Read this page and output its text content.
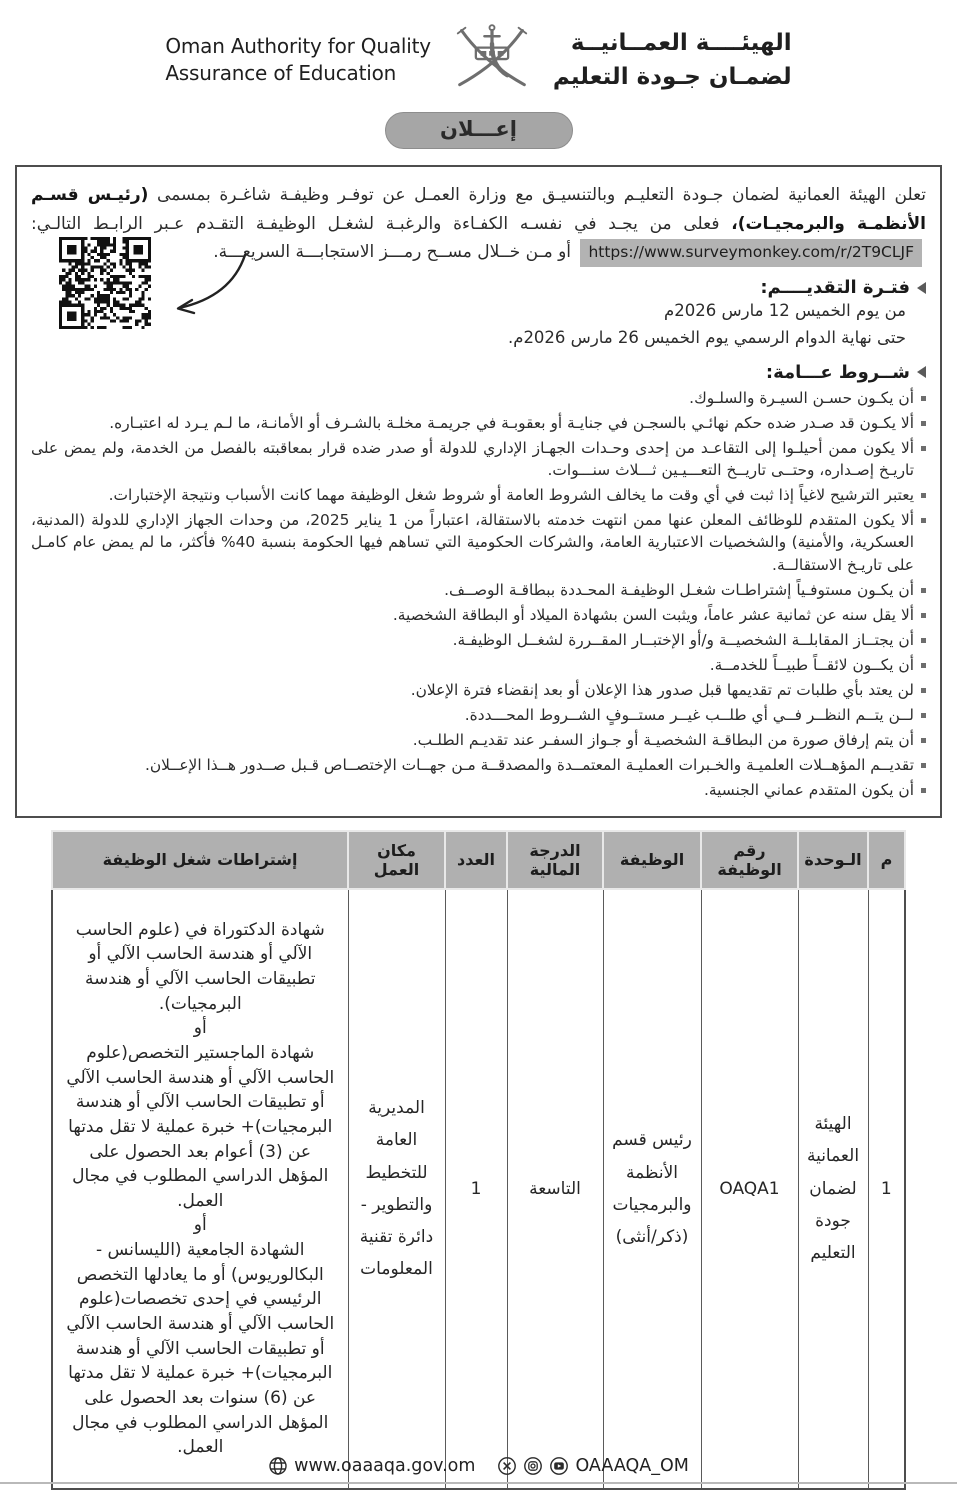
Oman Authority for Quality
Assurance of Education
الهيئــــة العمــانيــة
لضمـان جـودة التعليم
إعـــلان

تعلن الهيئة العمانية لضمان جـودة التعليـم وبالتنسيـق مع وزارة العمـل عن توفـر وظيفـة شاغـرة بمسمى (رئيـس قسـم الأنظمـة والبرمجيـات)، فعلى من يجـد في نفسـه الكفـاءة والرغبـة لشغـل الوظيفـة التقـدم عـبر الرابـط التالـي: https://www.surveymonkey.com/r/2T9CLJF أو مـن خــلال مســح رمـــز الاستجابـــة السريعـــة.

فتـرة التقديــــم:
من يوم الخميس 12 مارس 2026م
حتى نهاية الدوام الرسمي يوم الخميس 26 مارس 2026م.
شــروط عـــامة:
أن يكـون حسـن السيـرة والسلـوك.
ألا يكـون قد صـدر ضده حكم نهائـي بالسجـن في جنايـة أو بعقوبـة في جريمـة مخلـة بالشـرف أو الأمانـة، ما لـم يـرد له اعتبـاره.
ألا يكون ممن أحيلـوا إلى التقاعـد من إحدى وحـدات الجهـاز الإداري للدولة أو صدر ضده قرار بمعاقبته بالفصل من الخدمة، ولم يمض على تاريـخ إصـداره، وحتــى تاريــخ التعـــيـين ثـــلاث سنـــوات.
يعتبر الترشيح لاغياً إذا ثبت في أي وقت ما يخالف الشروط العامة أو شروط شغل الوظيفة مهما كانت الأسباب ونتيجة الإختبارات.
ألا يكون المتقدم للوظائف المعلن عنها ممن انتهت خدمته بالاستقالة، اعتباراً من 1 يناير 2025، من وحدات الجهاز الإداري للدولة (المدنية، العسكرية، والأمنية) والشخصيات الاعتبارية العامة، والشركات الحكومية التي تساهم فيها الحكومة بنسبة 40% فأكثر، ما لم يمض عام كامـل على تاريـخ الاستقالــة.
أن يكـون مستوفـياً إشتراطـات شغـل الوظيفـة المحـددة ببطاقـة الوصــف.
ألا يقل سنه عن ثمانية عشر عاماً، ويثبت السن بشهادة الميلاد أو البطاقة الشخصية.
أن يجتــاز المقابلــة الشخصيــة و/أو الإختبــار المقــررة لشغــل الوظيفـة.
أن يكــون لائقــاً طبيــاً للخدمــة.
لن يعتد بأي طلبات تم تقديمها قبل صدور هذا الإعلان أو بعد إنقضاء فترة الإعلان.
لــن يتــم النظــر فــي أي طلــب غيــر مستــوفٍ الشــروط المحـــددة.
أن يتم إرفاق صورة من البطاقـة الشخصيـة أو جـواز السفـر عند تقديـم الطلـب.
تقديــم المؤهــلات العلميـة والخـبرات العمليـة المعتمــدة والمصدقــة مـن جهــات الإختصــاص قـبل صــدور هــذا الإعــلان.
أن يكون المتقدم عماني الجنسية.
م	الـوحدة	رقم الوظيفة	الوظيفة	الدرجة المالية	العدد	مكان العمل	إشتراطات شغل الوظيفة
1	الهيئة العمانية لضمان جودة التعليم	OAQA1	رئيس قسم الأنظمة والبرمجيات (ذكر/أنثى)	التاسعة	1	المديرية العامة للتخطيط والتطوير - دائرة تقنية المعلومات	شهادة الدكتوراة في (علوم الحاسب الآلي أو هندسة الحاسب الآلي أو تطبيقات الحاسب الآلي أو هندسة البرمجيات).
أو
شهادة الماجستير التخصص(علوم الحاسب الآلي أو هندسة الحاسب الآلي أو تطبيقات الحاسب الآلي أو هندسة البرمجيات)+ خبرة عملية لا تقل مدتها عن (3) أعوام بعد الحصول على المؤهل الدراسي المطلوب في مجال العمل.
أو
الشهادة الجامعية (الليسانس - البكالوريوس) أو ما يعادلها التخصص الرئيسي في إحدى تخصصات(علوم الحاسب الآلي أو هندسة الحاسب الآلي أو تطبيقات الحاسب الآلي أو هندسة البرمجيات)+ خبرة عملية لا تقل مدتها عن (6) سنوات بعد الحصول على المؤهل الدراسي المطلوب في مجال العمل.
www.oaaaqa.gov.om	OAAAQA_OM
